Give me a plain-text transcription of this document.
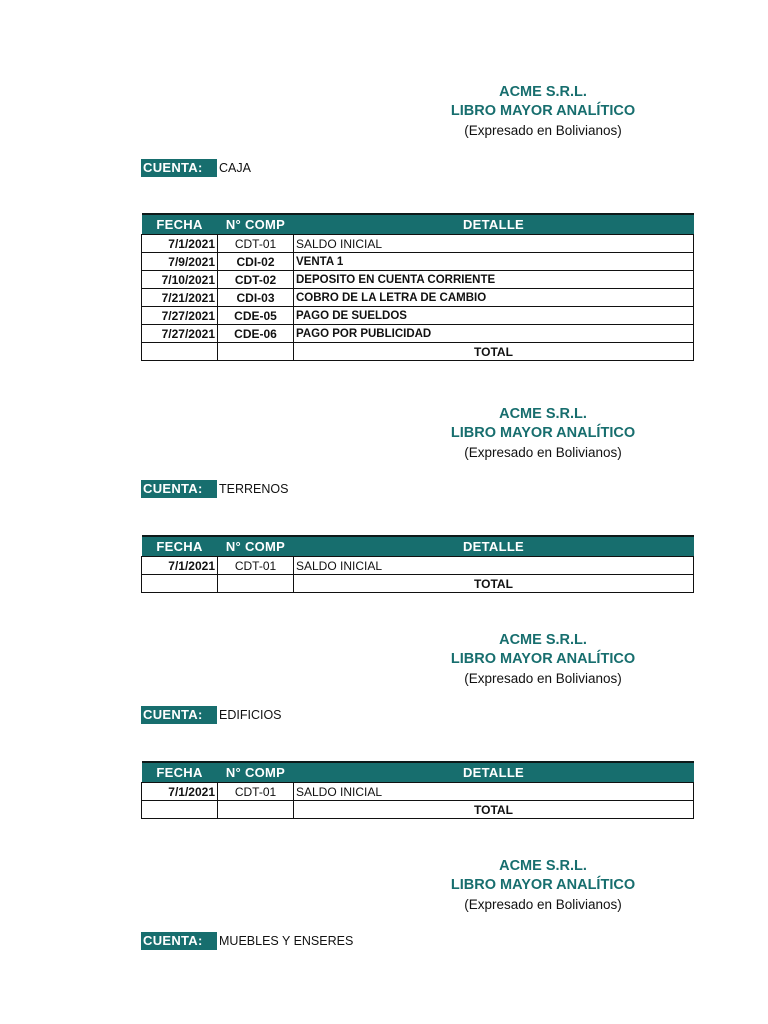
ACME S.R.L.
LIBRO MAYOR ANALÍTICO
(Expresado en Bolivianos)
CUENTA:	CAJA
FECHA	N° COMP	DETALLE
7/1/2021	CDT-01	SALDO INICIAL
7/9/2021	CDI-02	VENTA 1
7/10/2021	CDT-02	DEPOSITO EN CUENTA CORRIENTE
7/21/2021	CDI-03	COBRO DE LA LETRA DE CAMBIO
7/27/2021	CDE-05	PAGO DE SUELDOS
7/27/2021	CDE-06	PAGO POR PUBLICIDAD
		TOTAL
ACME S.R.L.
LIBRO MAYOR ANALÍTICO
(Expresado en Bolivianos)
CUENTA:	TERRENOS
FECHA	N° COMP	DETALLE
7/1/2021	CDT-01	SALDO INICIAL
		TOTAL
ACME S.R.L.
LIBRO MAYOR ANALÍTICO
(Expresado en Bolivianos)
CUENTA:	EDIFICIOS
FECHA	N° COMP	DETALLE
7/1/2021	CDT-01	SALDO INICIAL
		TOTAL
ACME S.R.L.
LIBRO MAYOR ANALÍTICO
(Expresado en Bolivianos)
CUENTA:	MUEBLES Y ENSERES
